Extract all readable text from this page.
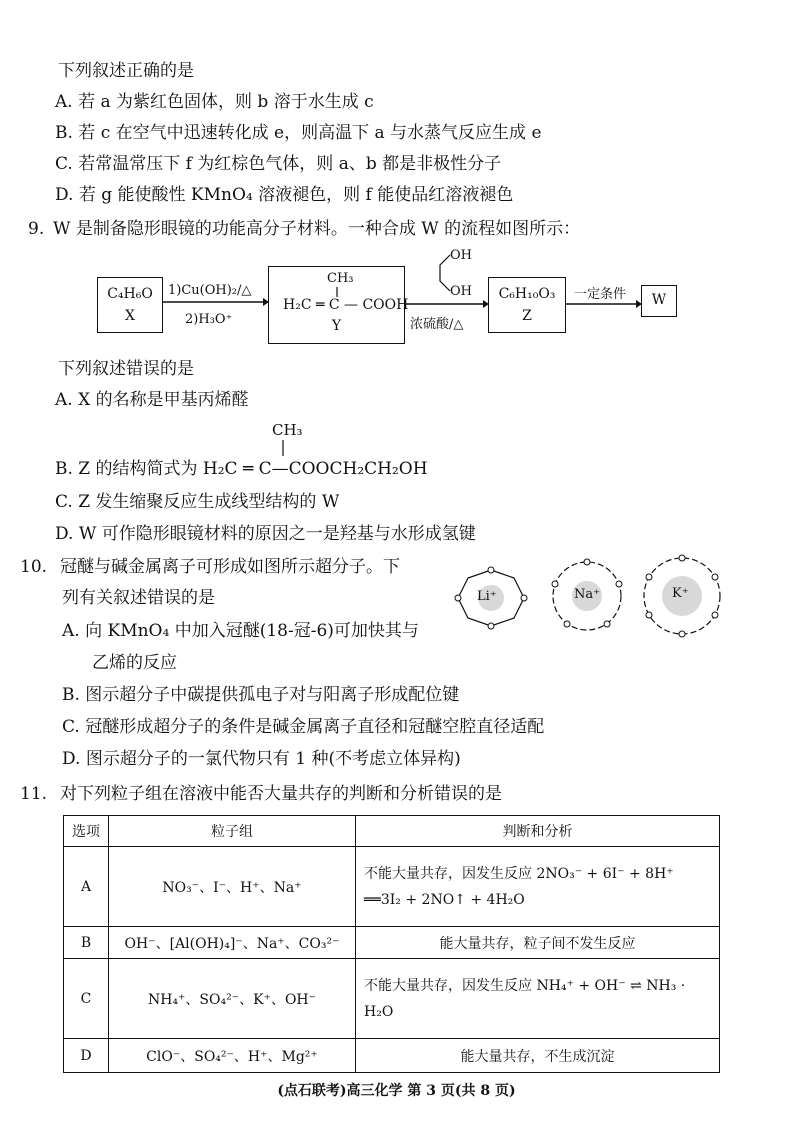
下列叙述正确的是
A. 若 a 为紫红色固体，则 b 溶于水生成 c
B. 若 c 在空气中迅速转化成 e，则高温下 a 与水蒸气反应生成 e
C. 若常温常压下 f 为红棕色气体，则 a、b 都是非极性分子
D. 若 g 能使酸性 KMnO₄ 溶液褪色，则 f 能使品红溶液褪色
9. W 是制备隐形眼镜的功能高分子材料。一种合成 W 的流程如图所示：
C₄H₆O
X
1)Cu(OH)₂/△
2)H₃O⁺
CH₃
H₂C ═ C — COOH
Y
OH
OH
浓硫酸/△
C₆H₁₀O₃
Z
一定条件	W
下列叙述错误的是
A. X 的名称是甲基丙烯醛
CH₃
B. Z 的结构简式为 H₂C ═ C—COOCH₂CH₂OH
C. Z 发生缩聚反应生成线型结构的 W
D. W 可作隐形眼镜材料的原因之一是羟基与水形成氢键
10. 冠醚与碱金属离子可形成如图所示超分子。下
列有关叙述错误的是	Li⁺	Na⁺	K⁺
A. 向 KMnO₄ 中加入冠醚(18-冠-6)可加快其与
乙烯的反应
B. 图示超分子中碳提供孤电子对与阳离子形成配位键
C. 冠醚形成超分子的条件是碱金属离子直径和冠醚空腔直径适配
D. 图示超分子的一氯代物只有 1 种(不考虑立体异构)
11. 对下列粒子组在溶液中能否大量共存的判断和分析错误的是
选项	粒子组	判断和分析
A	NO₃⁻、I⁻、H⁺、Na⁺	不能大量共存，因发生反应 2NO₃⁻ + 6I⁻ + 8H⁺
══3I₂ + 2NO↑ + 4H₂O

B	OH⁻、[Al(OH)₄]⁻、Na⁺、CO₃²⁻	能大量共存，粒子间不发生反应
C	NH₄⁺、SO₄²⁻、K⁺、OH⁻	不能大量共存，因发生反应 NH₄⁺ + OH⁻ ⇌ NH₃ ·
H₂O

D	ClO⁻、SO₄²⁻、H⁺、Mg²⁺	能大量共存，不生成沉淀
(点石联考)高三化学 第 3 页(共 8 页)
